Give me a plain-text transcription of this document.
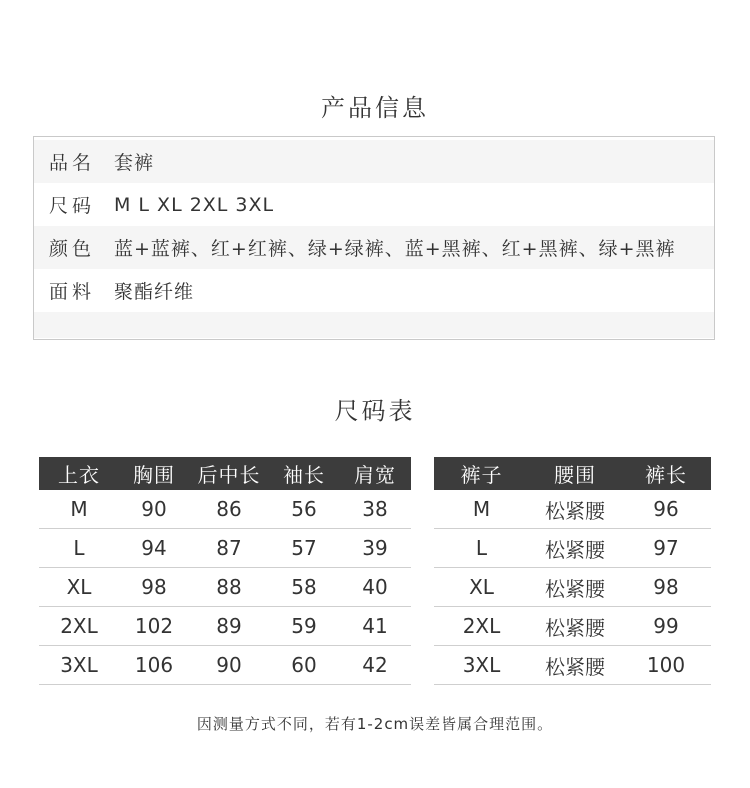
产品信息
品名 套裤
尺码 M L XL 2XL 3XL
颜色 蓝+蓝裤、红+红裤、绿+绿裤、蓝+黑裤、红+黑裤、绿+黑裤
面料 聚酯纤维
尺码表
上衣	胸围	后中长	袖长	肩宽
M	90	86	56	38
L	94	87	57	39
XL	98	88	58	40
2XL	102	89	59	41
3XL	106	90	60	42
裤子	腰围	裤长
M	松紧腰	96
L	松紧腰	97
XL	松紧腰	98
2XL	松紧腰	99
3XL	松紧腰	100
因测量方式不同，若有1-2cm误差皆属合理范围。
